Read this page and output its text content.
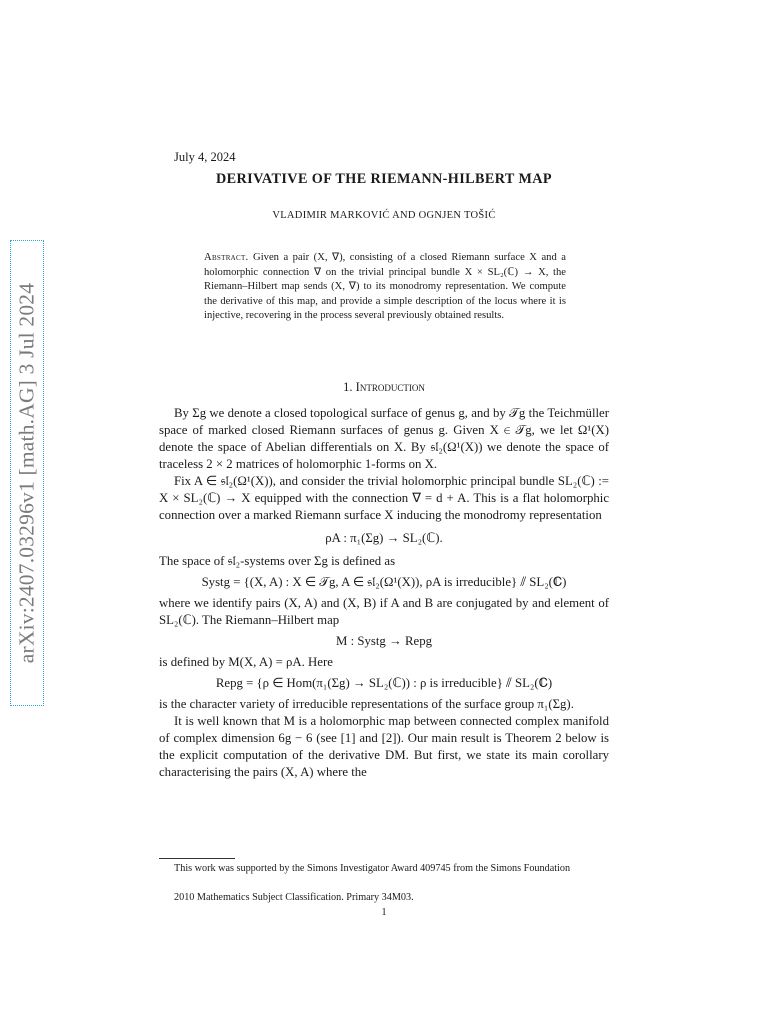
arXiv:2407.03296v1 [math.AG] 3 Jul 2024
July 4, 2024
DERIVATIVE OF THE RIEMANN-HILBERT MAP
VLADIMIR MARKOVIĆ AND OGNJEN TOŠIĆ
Abstract. Given a pair (X, ∇), consisting of a closed Riemann surface X and a holomorphic connection ∇ on the trivial principal bundle X × SL₂(ℂ) → X, the Riemann–Hilbert map sends (X, ∇) to its monodromy representation. We compute the derivative of this map, and provide a simple description of the locus where it is injective, recovering in the process several previously obtained results.
1. Introduction

By Σg we denote a closed topological surface of genus g, and by 𝒯g the Teichmüller space of marked closed Riemann surfaces of genus g. Given X ∈ 𝒯g, we let Ω¹(X) denote the space of Abelian differentials on X. By 𝔰𝔩₂(Ω¹(X)) we denote the space of traceless 2 × 2 matrices of holomorphic 1-forms on X.

Fix A ∈ 𝔰𝔩₂(Ω¹(X)), and consider the trivial holomorphic principal bundle SL₂(ℂ) := X × SL₂(ℂ) → X equipped with the connection ∇ = d + A. This is a flat holomorphic connection over a marked Riemann surface X inducing the monodromy representation

ρA : π₁(Σg) → SL₂(ℂ).

The space of 𝔰𝔩₂-systems over Σg is defined as

Systg = {(X, A) : X ∈ 𝒯g, A ∈ 𝔰𝔩₂(Ω¹(X)), ρA is irreducible} ⫽ SL₂(ℂ)

where we identify pairs (X, A) and (X, B) if A and B are conjugated by and element of SL₂(ℂ). The Riemann–Hilbert map

M : Systg → Repg

is defined by M(X, A) = ρA. Here

Repg = {ρ ∈ Hom(π₁(Σg) → SL₂(ℂ)) : ρ is irreducible} ⫽ SL₂(ℂ)

is the character variety of irreducible representations of the surface group π₁(Σg).

It is well known that M is a holomorphic map between connected complex manifold of complex dimension 6g − 6 (see [1] and [2]). Our main result is Theorem 2 below is the explicit computation of the derivative DM. But first, we state its main corollary characterising the pairs (X, A) where the

This work was supported by the Simons Investigator Award 409745 from the Simons Foundation
2010 Mathematics Subject Classification. Primary 34M03.
1
